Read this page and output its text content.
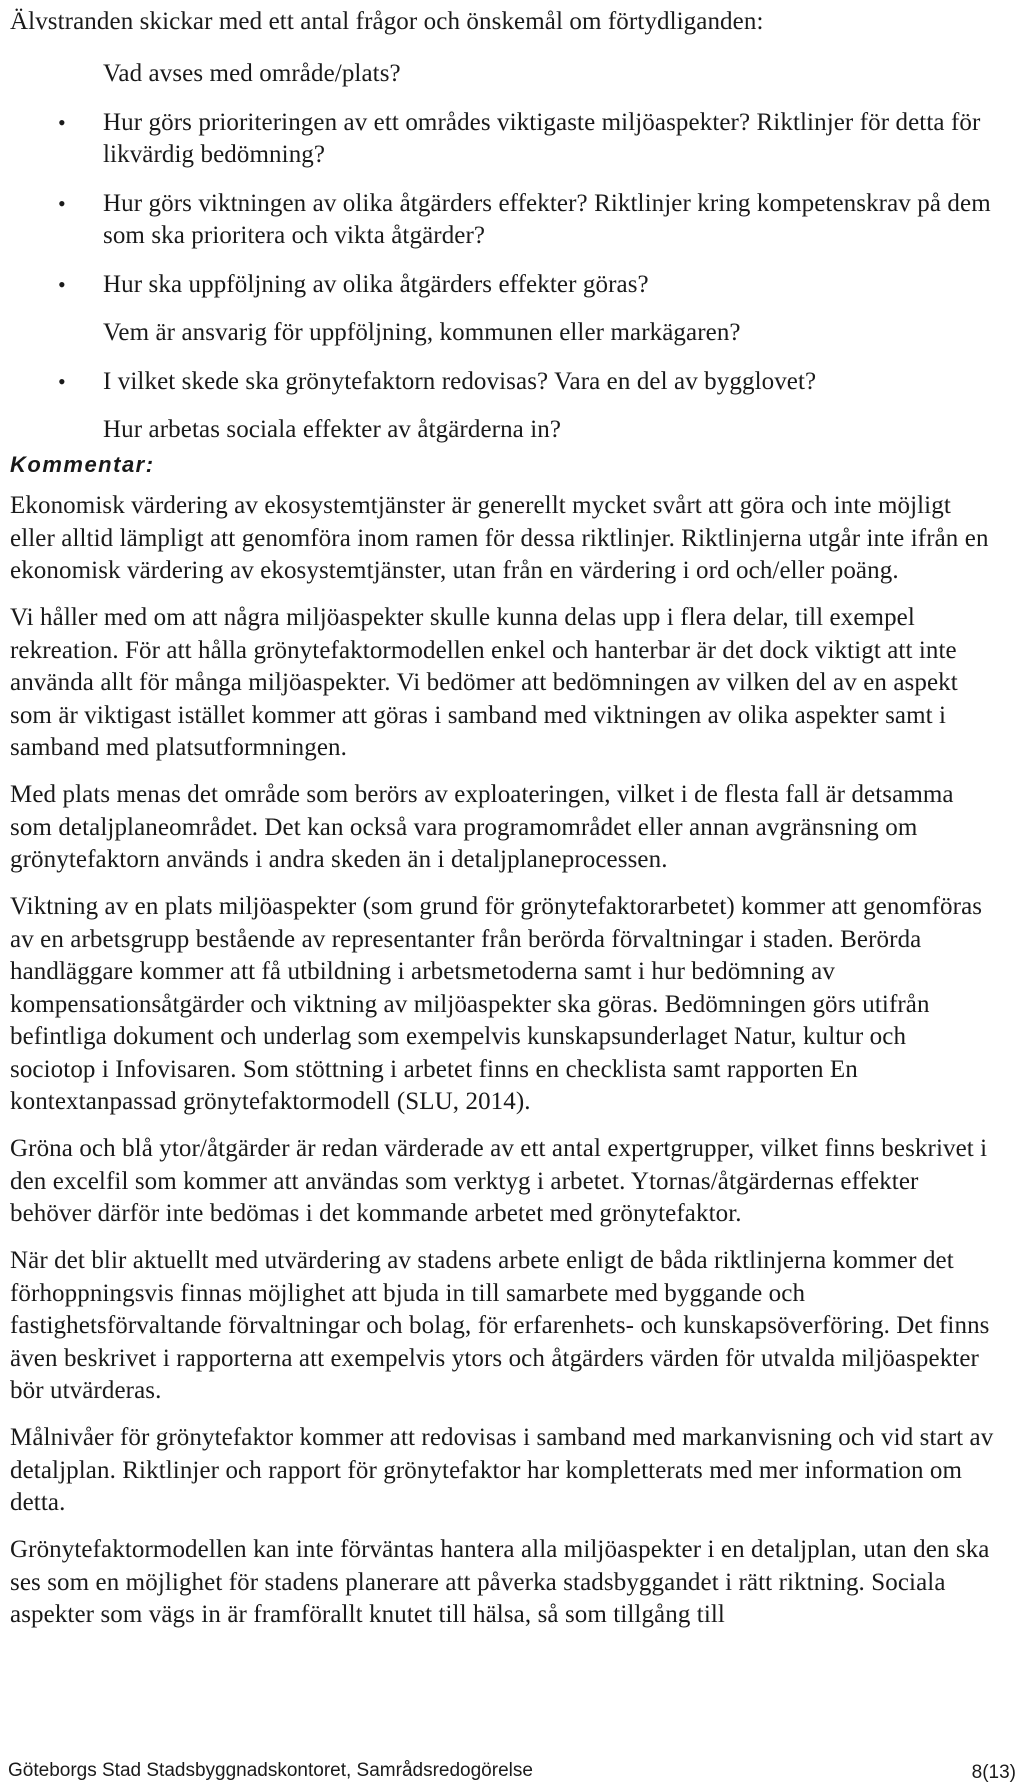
Älvstranden skickar med ett antal frågor och önskemål om förtydliganden:

Vad avses med område/plats?

• Hur görs prioriteringen av ett områdes viktigaste miljöaspekter? Riktlinjer för detta för likvärdig bedömning?

• Hur görs viktningen av olika åtgärders effekter? Riktlinjer kring kompetenskrav på dem som ska prioritera och vikta åtgärder?

• Hur ska uppföljning av olika åtgärders effekter göras?

Vem är ansvarig för uppföljning, kommunen eller markägaren?

• I vilket skede ska grönytefaktorn redovisas? Vara en del av bygglovet?

Hur arbetas sociala effekter av åtgärderna in?

Kommentar:

Ekonomisk värdering av ekosystemtjänster är generellt mycket svårt att göra och inte möjligt eller alltid lämpligt att genomföra inom ramen för dessa riktlinjer. Riktlinjerna utgår inte ifrån en ekonomisk värdering av ekosystemtjänster, utan från en värdering i ord och/eller poäng.

Vi håller med om att några miljöaspekter skulle kunna delas upp i flera delar, till exempel rekreation. För att hålla grönytefaktormodellen enkel och hanterbar är det dock viktigt att inte använda allt för många miljöaspekter. Vi bedömer att bedömningen av vilken del av en aspekt som är viktigast istället kommer att göras i samband med viktningen av olika aspekter samt i samband med platsutformningen.

Med plats menas det område som berörs av exploateringen, vilket i de flesta fall är detsamma som detaljplaneområdet. Det kan också vara programområdet eller annan avgränsning om grönytefaktorn används i andra skeden än i detaljplaneprocessen.

Viktning av en plats miljöaspekter (som grund för grönytefaktorarbetet) kommer att genomföras av en arbetsgrupp bestående av representanter från berörda förvaltningar i staden. Berörda handläggare kommer att få utbildning i arbetsmetoderna samt i hur bedömning av kompensationsåtgärder och viktning av miljöaspekter ska göras. Bedömningen görs utifrån befintliga dokument och underlag som exempelvis kunskapsunderlaget Natur, kultur och sociotop i Infovisaren. Som stöttning i arbetet finns en checklista samt rapporten En kontextanpassad grönytefaktormodell (SLU, 2014).

Gröna och blå ytor/åtgärder är redan värderade av ett antal expertgrupper, vilket finns beskrivet i den excelfil som kommer att användas som verktyg i arbetet. Ytornas/åtgärdernas effekter behöver därför inte bedömas i det kommande arbetet med grönytefaktor.

När det blir aktuellt med utvärdering av stadens arbete enligt de båda riktlinjerna kommer det förhoppningsvis finnas möjlighet att bjuda in till samarbete med byggande och fastighetsförvaltande förvaltningar och bolag, för erfarenhets- och kunskapsöverföring. Det finns även beskrivet i rapporterna att exempelvis ytors och åtgärders värden för utvalda miljöaspekter bör utvärderas.

Målnivåer för grönytefaktor kommer att redovisas i samband med markanvisning och vid start av detaljplan. Riktlinjer och rapport för grönytefaktor har kompletterats med mer information om detta.

Grönytefaktormodellen kan inte förväntas hantera alla miljöaspekter i en detaljplan, utan den ska ses som en möjlighet för stadens planerare att påverka stadsbyggandet i rätt riktning. Sociala aspekter som vägs in är framförallt knutet till hälsa, så som tillgång till

Göteborgs Stad Stadsbyggnadskontoret, Samrådsredogörelse	8(13)
